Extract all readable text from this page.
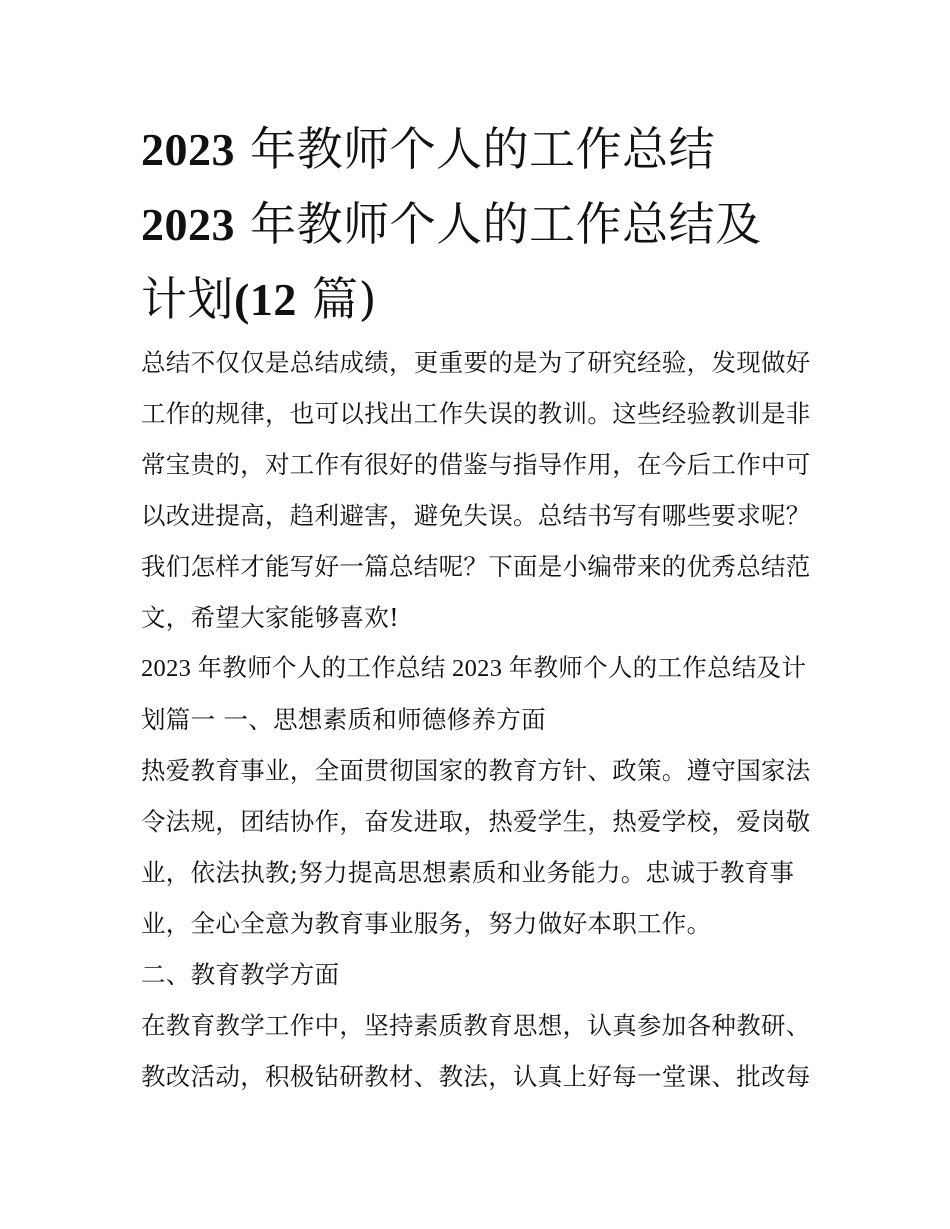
2023 年教师个人的工作总结
2023 年教师个人的工作总结及
计划(12 篇)

总结不仅仅是总结成绩，更重要的是为了研究经验，发现做好
工作的规律，也可以找出工作失误的教训。这些经验教训是非
常宝贵的，对工作有很好的借鉴与指导作用，在今后工作中可
以改进提高，趋利避害，避免失误。总结书写有哪些要求呢？
我们怎样才能写好一篇总结呢？下面是小编带来的优秀总结范
文，希望大家能够喜欢!

2023 年教师个人的工作总结 2023 年教师个人的工作总结及计
划篇一 一、思想素质和师德修养方面

热爱教育事业，全面贯彻国家的教育方针、政策。遵守国家法
令法规，团结协作，奋发进取，热爱学生，热爱学校，爱岗敬
业，依法执教;努力提高思想素质和业务能力。忠诚于教育事
业，全心全意为教育事业服务，努力做好本职工作。

二、教育教学方面

在教育教学工作中，坚持素质教育思想，认真参加各种教研、
教改活动，积极钻研教材、教法，认真上好每一堂课、批改每
